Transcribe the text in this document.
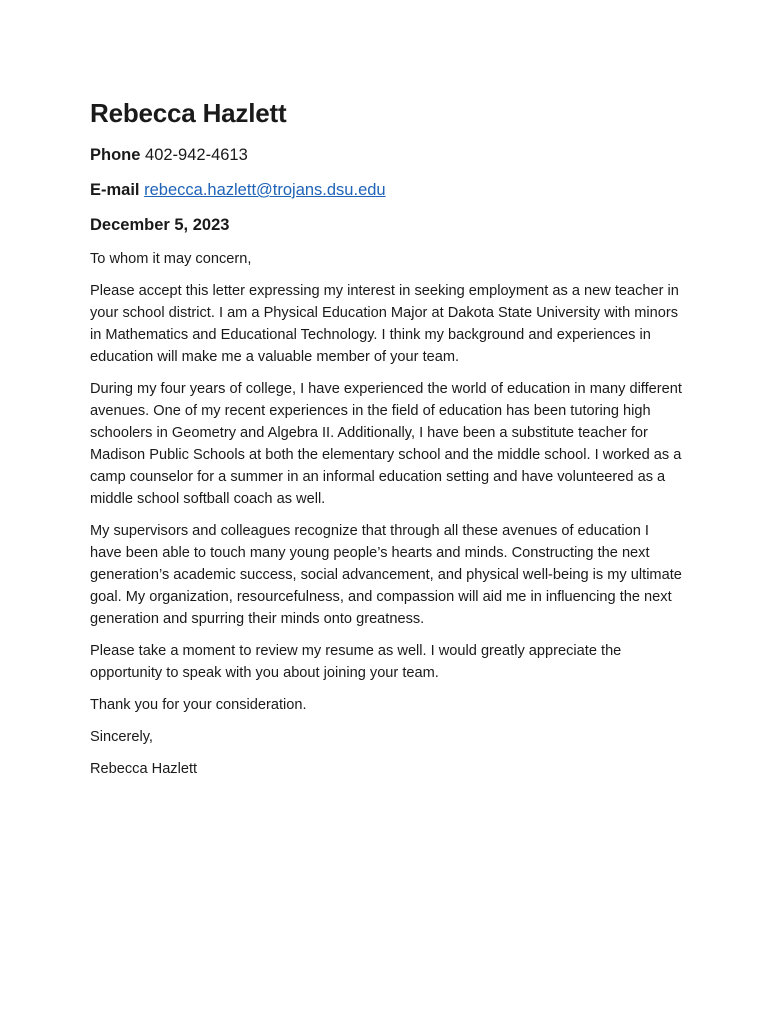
Rebecca Hazlett
Phone 402-942-4613
E-mail rebecca.hazlett@trojans.dsu.edu
December 5, 2023

To whom it may concern,

Please accept this letter expressing my interest in seeking employment as a new teacher in your school district. I am a Physical Education Major at Dakota State University with minors in Mathematics and Educational Technology. I think my background and experiences in education will make me a valuable member of your team.

During my four years of college, I have experienced the world of education in many different avenues. One of my recent experiences in the field of education has been tutoring high schoolers in Geometry and Algebra II. Additionally, I have been a substitute teacher for Madison Public Schools at both the elementary school and the middle school. I worked as a camp counselor for a summer in an informal education setting and have volunteered as a middle school softball coach as well.

My supervisors and colleagues recognize that through all these avenues of education I have been able to touch many young people’s hearts and minds. Constructing the next generation’s academic success, social advancement, and physical well-being is my ultimate goal. My organization, resourcefulness, and compassion will aid me in influencing the next generation and spurring their minds onto greatness.

Please take a moment to review my resume as well. I would greatly appreciate the opportunity to speak with you about joining your team.

Thank you for your consideration.

Sincerely,

Rebecca Hazlett
